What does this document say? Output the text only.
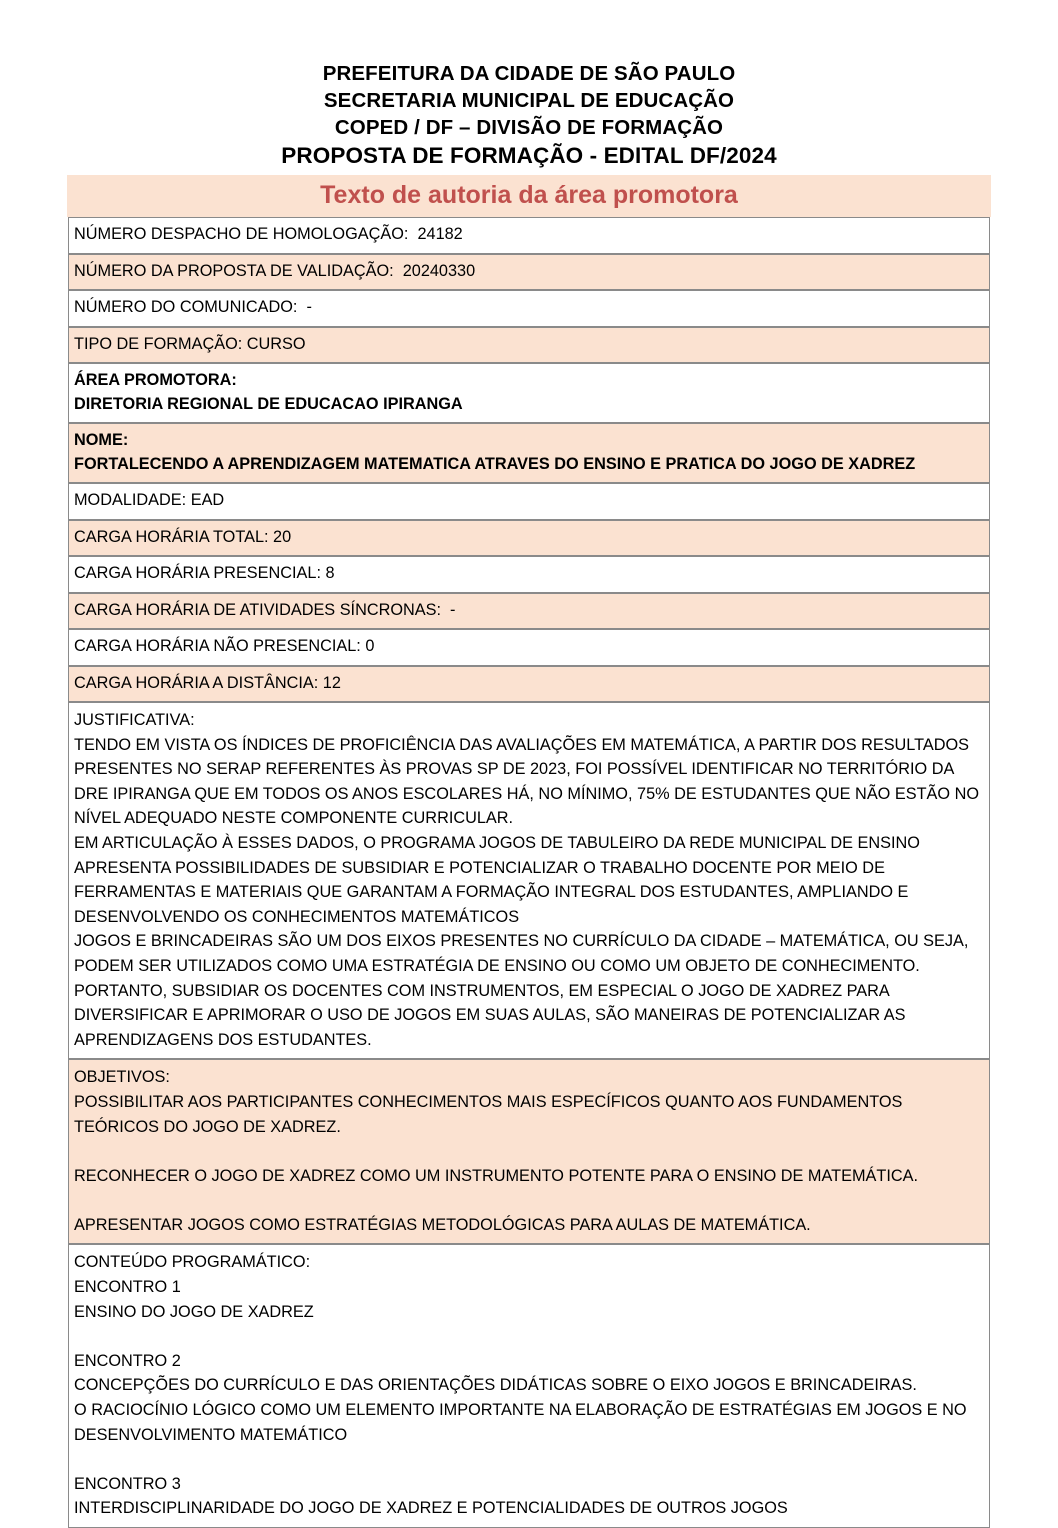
PREFEITURA DA CIDADE DE SÃO PAULO
SECRETARIA MUNICIPAL DE EDUCAÇÃO
COPED / DF – DIVISÃO DE FORMAÇÃO
PROPOSTA DE FORMAÇÃO - EDITAL DF/2024
Texto de autoria da área promotora
NÚMERO DESPACHO DE HOMOLOGAÇÃO:  24182

NÚMERO DA PROPOSTA DE VALIDAÇÃO:  20240330

NÚMERO DO COMUNICADO:  -

TIPO DE FORMAÇÃO: CURSO

ÁREA PROMOTORA:
DIRETORIA REGIONAL DE EDUCACAO IPIRANGA

NOME:
FORTALECENDO A APRENDIZAGEM MATEMATICA ATRAVES DO ENSINO E PRATICA DO JOGO DE XADREZ

MODALIDADE: EAD

CARGA HORÁRIA TOTAL: 20

CARGA HORÁRIA PRESENCIAL: 8

CARGA HORÁRIA DE ATIVIDADES SÍNCRONAS:  -

CARGA HORÁRIA NÃO PRESENCIAL: 0

CARGA HORÁRIA A DISTÂNCIA: 12

JUSTIFICATIVA:
TENDO EM VISTA OS ÍNDICES DE PROFICIÊNCIA DAS AVALIAÇÕES EM MATEMÁTICA, A PARTIR DOS RESULTADOS PRESENTES NO SERAP REFERENTES ÀS PROVAS SP DE 2023, FOI POSSÍVEL IDENTIFICAR NO TERRITÓRIO DA DRE IPIRANGA QUE EM TODOS OS ANOS ESCOLARES HÁ, NO MÍNIMO, 75% DE ESTUDANTES QUE NÃO ESTÃO NO NÍVEL ADEQUADO NESTE COMPONENTE CURRICULAR.
EM ARTICULAÇÃO À ESSES DADOS, O PROGRAMA JOGOS DE TABULEIRO DA REDE MUNICIPAL DE ENSINO APRESENTA POSSIBILIDADES DE SUBSIDIAR E POTENCIALIZAR O TRABALHO DOCENTE POR MEIO DE FERRAMENTAS E MATERIAIS QUE GARANTAM A FORMAÇÃO INTEGRAL DOS ESTUDANTES, AMPLIANDO E DESENVOLVENDO OS CONHECIMENTOS MATEMÁTICOS
JOGOS E BRINCADEIRAS SÃO UM DOS EIXOS PRESENTES NO CURRÍCULO DA CIDADE – MATEMÁTICA, OU SEJA, PODEM SER UTILIZADOS COMO UMA ESTRATÉGIA DE ENSINO OU COMO UM OBJETO DE CONHECIMENTO.
PORTANTO, SUBSIDIAR OS DOCENTES COM INSTRUMENTOS, EM ESPECIAL O JOGO DE XADREZ PARA DIVERSIFICAR E APRIMORAR O USO DE JOGOS EM SUAS AULAS, SÃO MANEIRAS DE POTENCIALIZAR AS APRENDIZAGENS DOS ESTUDANTES.

OBJETIVOS:
POSSIBILITAR AOS PARTICIPANTES CONHECIMENTOS MAIS ESPECÍFICOS QUANTO AOS FUNDAMENTOS TEÓRICOS DO JOGO DE XADREZ.
RECONHECER O JOGO DE XADREZ COMO UM INSTRUMENTO POTENTE PARA O ENSINO DE MATEMÁTICA.
APRESENTAR JOGOS COMO ESTRATÉGIAS METODOLÓGICAS PARA AULAS DE MATEMÁTICA.

CONTEÚDO PROGRAMÁTICO:
ENCONTRO 1
ENSINO DO JOGO DE XADREZ
ENCONTRO 2
CONCEPÇÕES DO CURRÍCULO E DAS ORIENTAÇÕES DIDÁTICAS SOBRE O EIXO JOGOS E BRINCADEIRAS.
O RACIOCÍNIO LÓGICO COMO UM ELEMENTO IMPORTANTE NA ELABORAÇÃO DE ESTRATÉGIAS EM JOGOS E NO DESENVOLVIMENTO MATEMÁTICO
ENCONTRO 3
INTERDISCIPLINARIDADE DO JOGO DE XADREZ E POTENCIALIDADES DE OUTROS JOGOS
